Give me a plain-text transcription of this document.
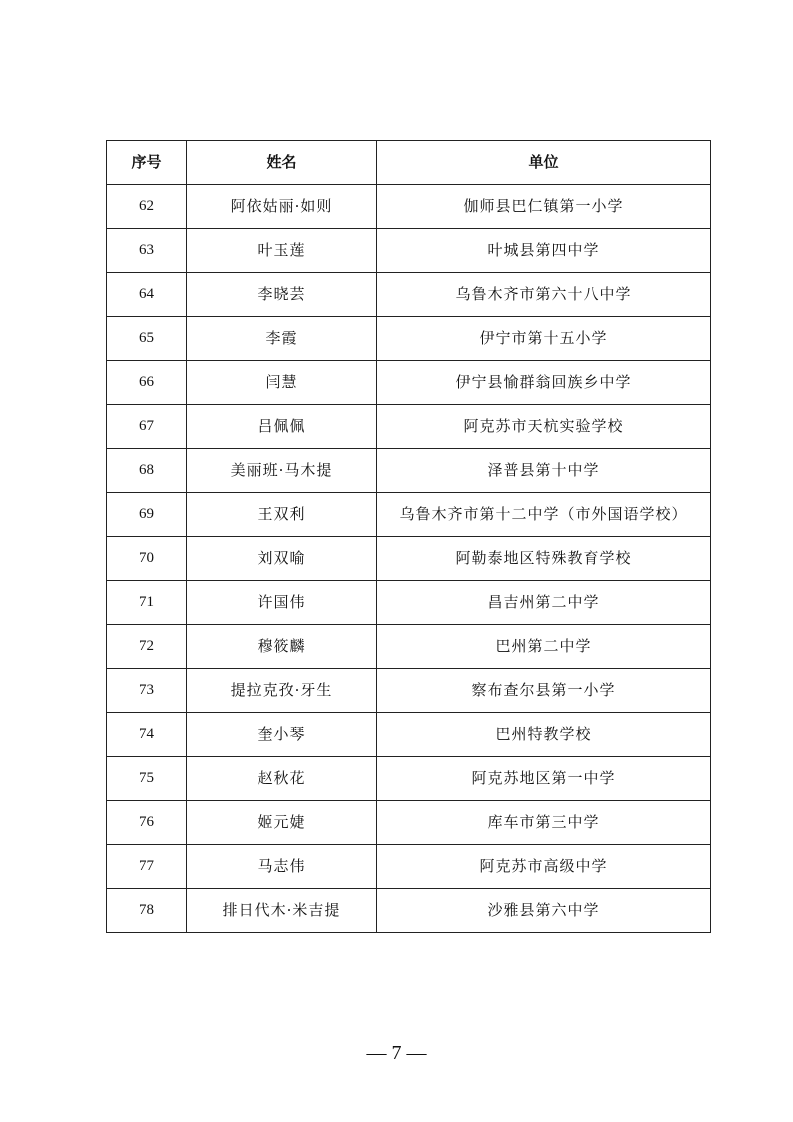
序号	姓名	单位
62	阿依姑丽·如则	伽师县巴仁镇第一小学
63	叶玉莲	叶城县第四中学
64	李晓芸	乌鲁木齐市第六十八中学
65	李霞	伊宁市第十五小学
66	闫慧	伊宁县愉群翁回族乡中学
67	吕佩佩	阿克苏市天杭实验学校
68	美丽班·马木提	泽普县第十中学
69	王双利	乌鲁木齐市第十二中学（市外国语学校）
70	刘双喻	阿勒泰地区特殊教育学校
71	许国伟	昌吉州第二中学
72	穆筱麟	巴州第二中学
73	提拉克孜·牙生	察布查尔县第一小学
74	奎小琴	巴州特教学校
75	赵秋花	阿克苏地区第一中学
76	姬元婕	库车市第三中学
77	马志伟	阿克苏市高级中学
78	排日代木·米吉提	沙雅县第六中学
— 7 —
